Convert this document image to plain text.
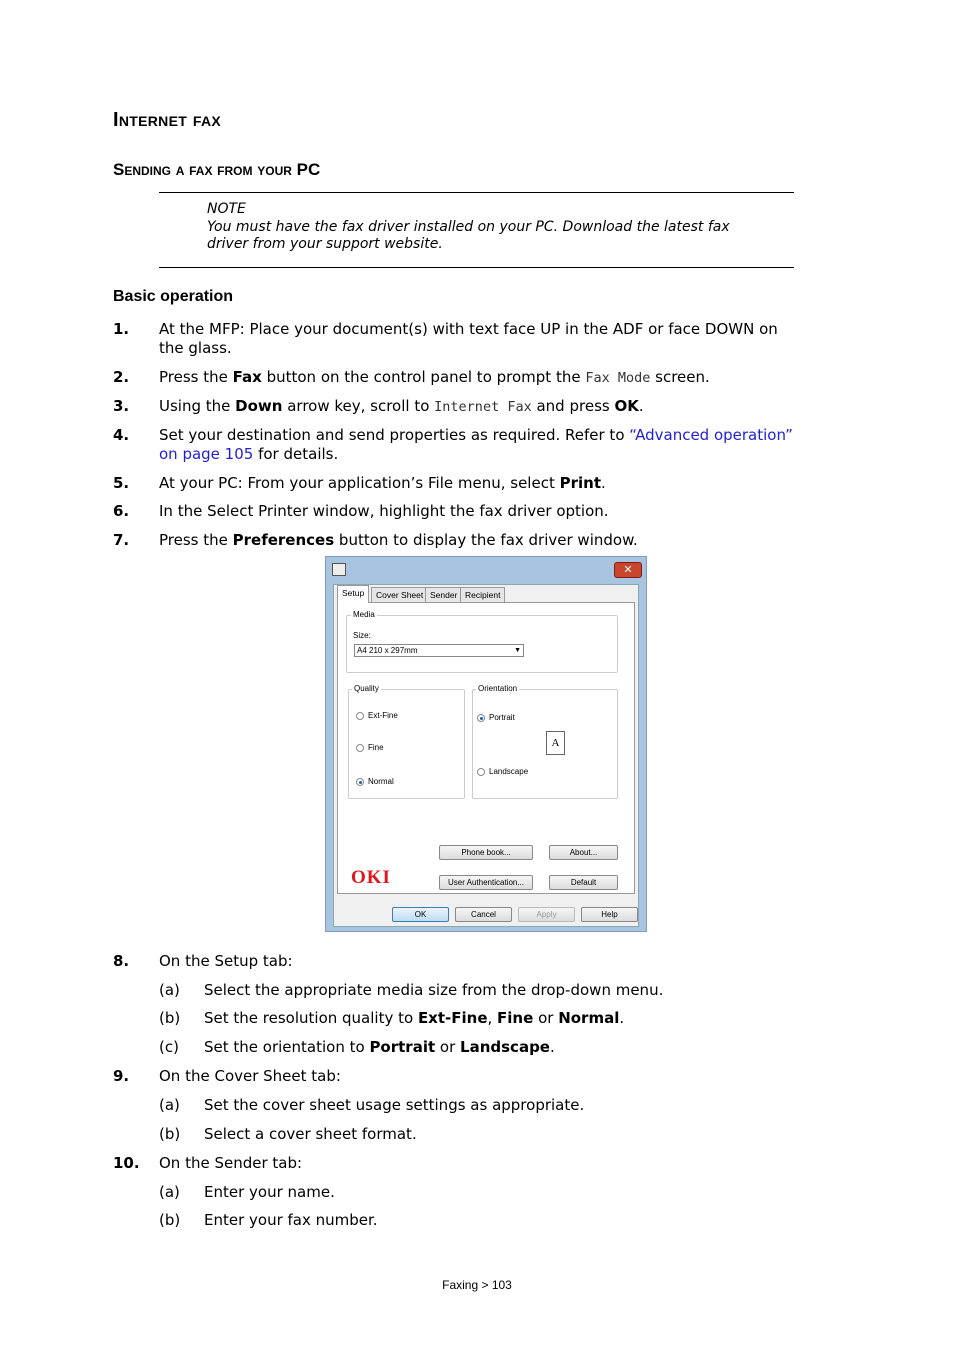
Internet fax
Sending a fax from your PC
NOTE
You must have the fax driver installed on your PC. Download the latest fax
driver from your support website.
Basic operation
1.	At the MFP: Place your document(s) with text face UP in the ADF or face DOWN on
the glass.
2.	Press the Fax button on the control panel to prompt the Fax Mode screen.
3.	Using the Down arrow key, scroll to Internet Fax and press OK.
4.	Set your destination and send properties as required. Refer to “Advanced operation”
on page 105 for details.
5.	At your PC: From your application’s File menu, select Print.
6.	In the Select Printer window, highlight the fax driver option.
7.	Press the Preferences button to display the fax driver window.
✕
Setup	Cover Sheet Sender Recipient
Media
Size:
A4 210 x 297mm	▼
Quality
Ext-Fine
Fine
Normal
Orientation
Portrait
A
Landscape
Phone book...	About...
OKI	User Authentication...	Default
OK	Cancel	Apply	Help
8.	On the Setup tab:
(a) Select the appropriate media size from the drop-down menu.
(b) Set the resolution quality to Ext-Fine, Fine or Normal.
(c) Set the orientation to Portrait or Landscape.
9.	On the Cover Sheet tab:
(a) Set the cover sheet usage settings as appropriate.
(b) Select a cover sheet format.
10.	On the Sender tab:
(a) Enter your name.
(b) Enter your fax number.
Faxing > 103
